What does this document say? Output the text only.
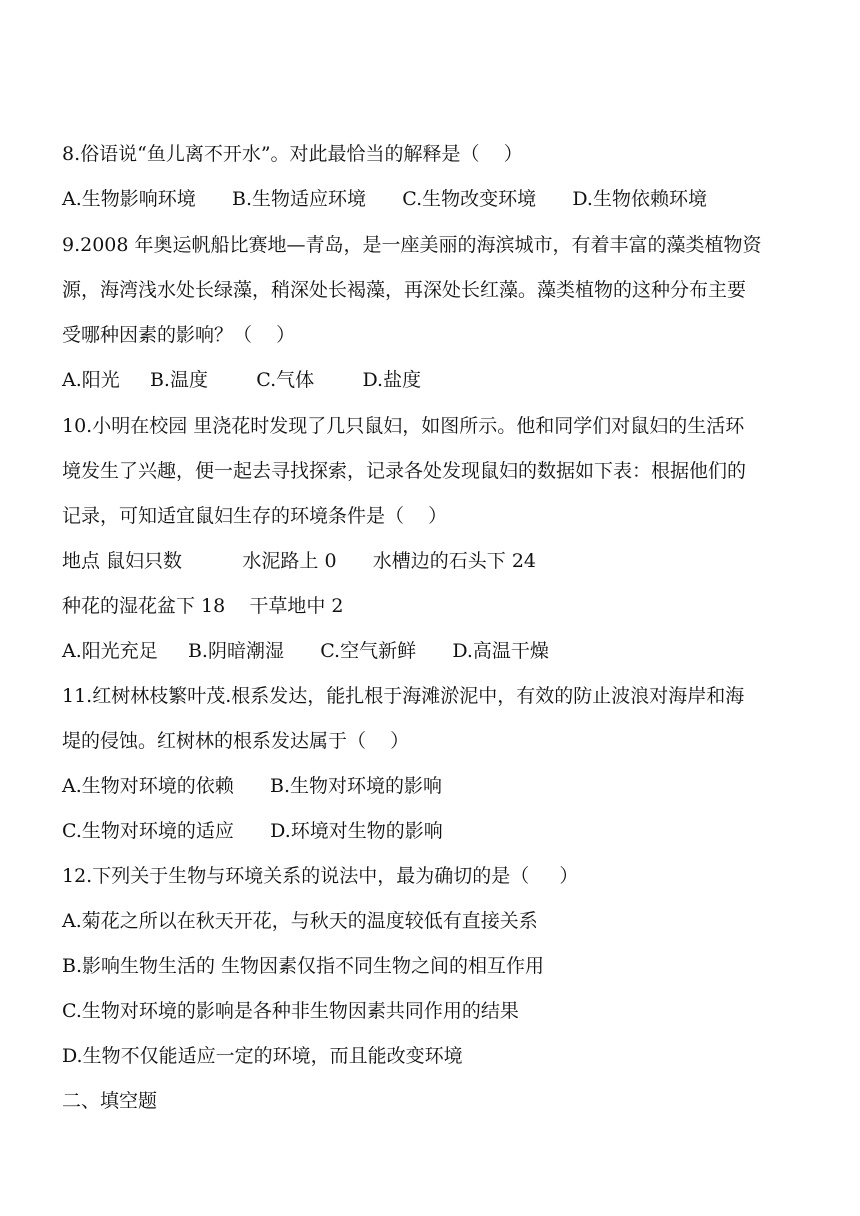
8.俗语说“鱼儿离不开水”。对此最恰当的解释是（    ）
A.生物影响环境      B.生物适应环境      C.生物改变环境      D.生物依赖环境
9.2008 年奥运帆船比赛地—青岛，是一座美丽的海滨城市，有着丰富的藻类植物资
源，海湾浅水处长绿藻，稍深处长褐藻，再深处长红藻。藻类植物的这种分布主要
受哪种因素的影响？（    ）
A.阳光     B.温度        C.气体        D.盐度
10.小明在校园 里浇花时发现了几只鼠妇，如图所示。他和同学们对鼠妇的生活环
境发生了兴趣，便一起去寻找探索，记录各处发现鼠妇的数据如下表：根据他们的
记录，可知适宜鼠妇生存的环境条件是（    ）
地点 鼠妇只数          水泥路上 0      水槽边的石头下 24
种花的湿花盆下 18    干草地中 2
A.阳光充足     B.阴暗潮湿      C.空气新鲜      D.高温干燥
11.红树林枝繁叶茂.根系发达，能扎根于海滩淤泥中，有效的防止波浪对海岸和海
堤的侵蚀。红树林的根系发达属于（    ）
A.生物对环境的依赖      B.生物对环境的影响
C.生物对环境的适应      D.环境对生物的影响
12.下列关于生物与环境关系的说法中，最为确切的是（     ）
A.菊花之所以在秋天开花，与秋天的温度较低有直接关系
B.影响生物生活的 生物因素仅指不同生物之间的相互作用
C.生物对环境的影响是各种非生物因素共同作用的结果
D.生物不仅能适应一定的环境，而且能改变环境
二、填空题
